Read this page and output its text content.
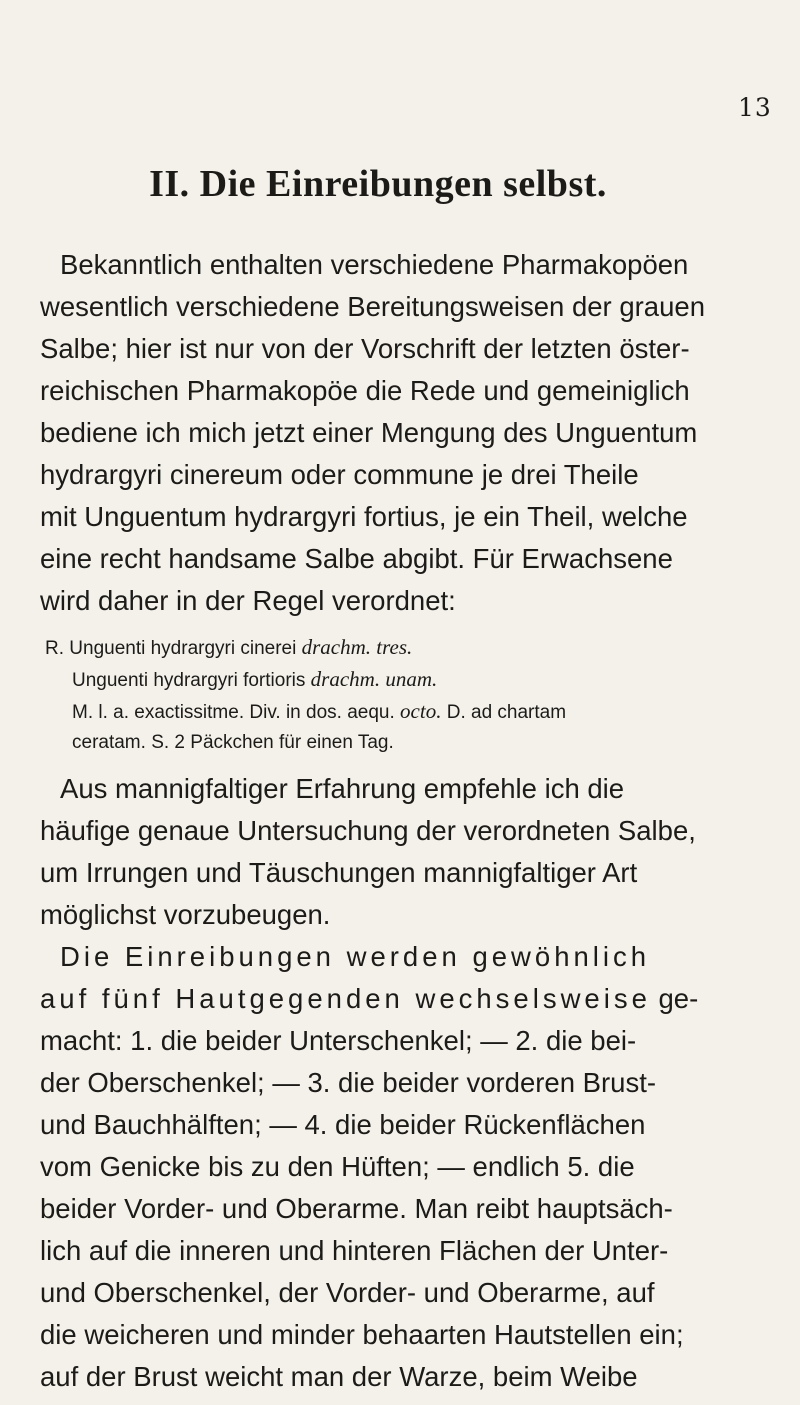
13
II. Die Einreibungen selbst.
Bekanntlich enthalten verschiedene Pharmakopöen
wesentlich verschiedene Bereitungsweisen der grauen
Salbe; hier ist nur von der Vorschrift der letzten öster-
reichischen Pharmakopöe die Rede und gemeiniglich
bediene ich mich jetzt einer Mengung des Unguentum
hydrargyri cinereum oder commune je drei Theile
mit Unguentum hydrargyri fortius, je ein Theil, welche
eine recht handsame Salbe abgibt. Für Erwachsene
wird daher in der Regel verordnet:
R. Unguenti hydrargyri cinerei drachm. tres.
Unguenti hydrargyri fortioris drachm. unam.
M. l. a. exactissitme. Div. in dos. aequ. octo. D. ad chartam
ceratam. S. 2 Päckchen für einen Tag.
Aus mannigfaltiger Erfahrung empfehle ich die
häufige genaue Untersuchung der verordneten Salbe,
um Irrungen und Täuschungen mannigfaltiger Art
möglichst vorzubeugen.
Die Einreibungen werden gewöhnlich
auf fünf Hautgegenden wechselsweise ge-
macht: 1. die beider Unterschenkel; — 2. die bei-
der Oberschenkel; — 3. die beider vorderen Brust-
und Bauchhälften; — 4. die beider Rückenflächen
vom Genicke bis zu den Hüften; — endlich 5. die
beider Vorder- und Oberarme. Man reibt hauptsäch-
lich auf die inneren und hinteren Flächen der Unter-
und Oberschenkel, der Vorder- und Oberarme, auf
die weicheren und minder behaarten Hautstellen ein;
auf der Brust weicht man der Warze, beim Weibe
